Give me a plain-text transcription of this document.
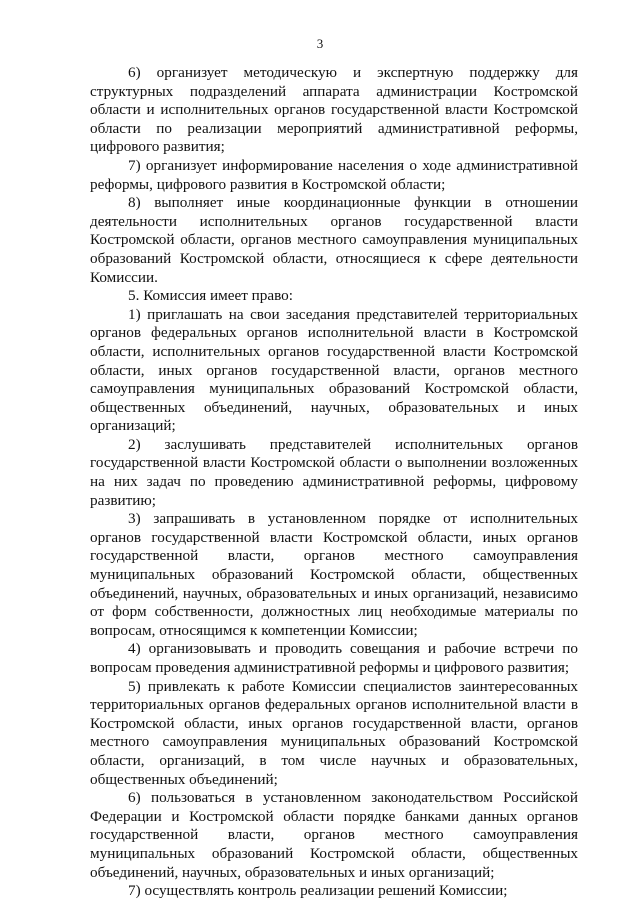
3

6) организует методическую и экспертную поддержку для структурных подразделений аппарата администрации Костромской области и исполнительных органов государственной власти Костромской области по реализации мероприятий административной реформы, цифрового развития;

7) организует информирование населения о ходе административной реформы, цифрового развития в Костромской области;

8) выполняет иные координационные функции в отношении деятельности исполнительных органов государственной власти Костромской области, органов местного самоуправления муниципальных образований Костромской области, относящиеся к сфере деятельности Комиссии.

5. Комиссия имеет право:

1) приглашать на свои заседания представителей территориальных органов федеральных органов исполнительной власти в Костромской области, исполнительных органов государственной власти Костромской области, иных органов государственной власти, органов местного самоуправления муниципальных образований Костромской области, общественных объединений, научных, образовательных и иных организаций;

2) заслушивать представителей исполнительных органов государственной власти Костромской области о выполнении возложенных на них задач по проведению административной реформы, цифровому развитию;

3) запрашивать в установленном порядке от исполнительных органов государственной власти Костромской области, иных органов государственной власти, органов местного самоуправления муниципальных образований Костромской области, общественных объединений, научных, образовательных и иных организаций, независимо от форм собственности, должностных лиц необходимые материалы по вопросам, относящимся к компетенции Комиссии;

4) организовывать и проводить совещания и рабочие встречи по вопросам проведения административной реформы и цифрового развития;

5) привлекать к работе Комиссии специалистов заинтересованных территориальных органов федеральных органов исполнительной власти в Костромской области, иных органов государственной власти, органов местного самоуправления муниципальных образований Костромской области, организаций, в том числе научных и образовательных, общественных объединений;

6) пользоваться в установленном законодательством Российской Федерации и Костромской области порядке банками данных органов государственной власти, органов местного самоуправления муниципальных образований Костромской области, общественных объединений, научных, образовательных и иных организаций;

7) осуществлять контроль реализации решений Комиссии;
